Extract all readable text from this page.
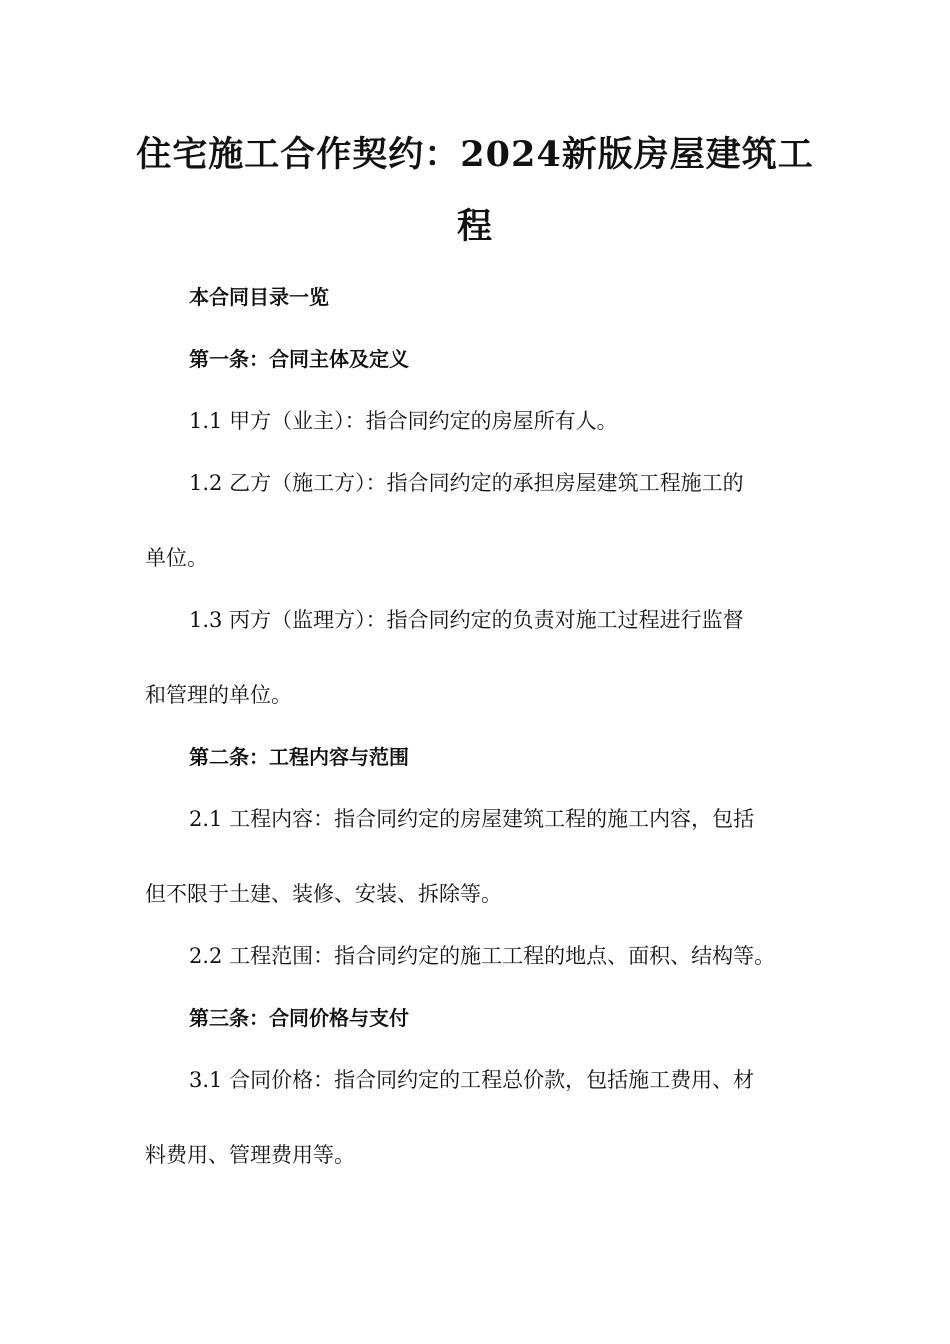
住宅施工合作契约：2024新版房屋建筑工
程
本合同目录一览
第一条：合同主体及定义
1.1 甲方（业主）：指合同约定的房屋所有人。
1.2 乙方（施工方）：指合同约定的承担房屋建筑工程施工的
单位。
1.3 丙方（监理方）：指合同约定的负责对施工过程进行监督
和管理的单位。
第二条：工程内容与范围
2.1 工程内容：指合同约定的房屋建筑工程的施工内容，包括
但不限于土建、装修、安装、拆除等。
2.2 工程范围：指合同约定的施工工程的地点、面积、结构等。
第三条：合同价格与支付
3.1 合同价格：指合同约定的工程总价款，包括施工费用、材
料费用、管理费用等。
